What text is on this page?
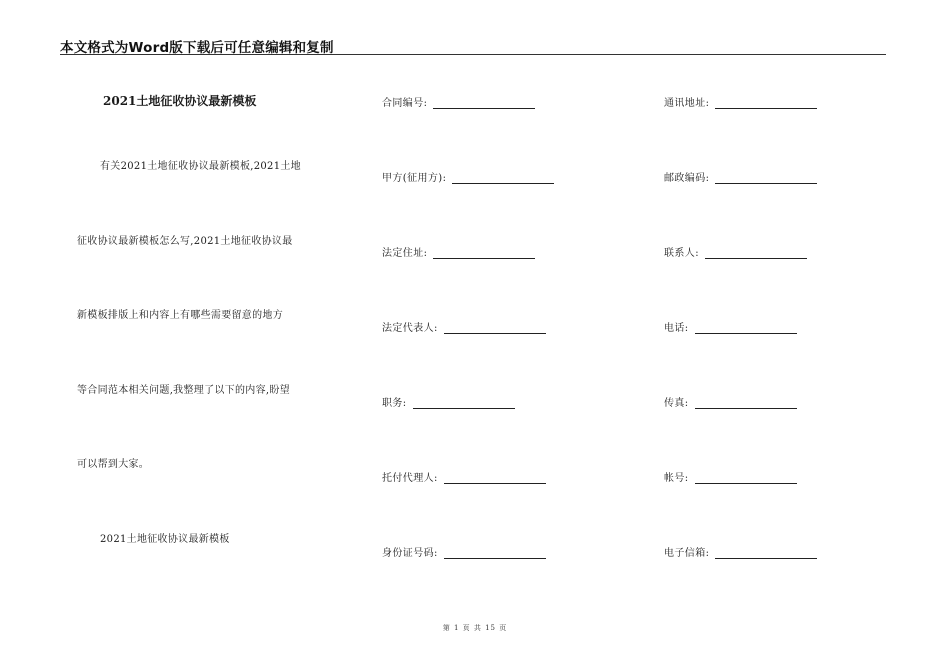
本文格式为Word版下载后可任意编辑和复制
2021土地征收协议最新模板
有关2021土地征收协议最新模板,2021土地
征收协议最新模板怎么写,2021土地征收协议最
新模板排版上和内容上有哪些需要留意的地方
等合同范本相关问题,我整理了以下的内容,盼望
可以帮到大家。
2021土地征收协议最新模板
合同编号:
甲方(征用方):
法定住址:
法定代表人:
职务:
托付代理人:
身份证号码:
通讯地址:
邮政编码:
联系人:
电话:
传真:
帐号:
电子信箱:
第 1 页 共 15 页
